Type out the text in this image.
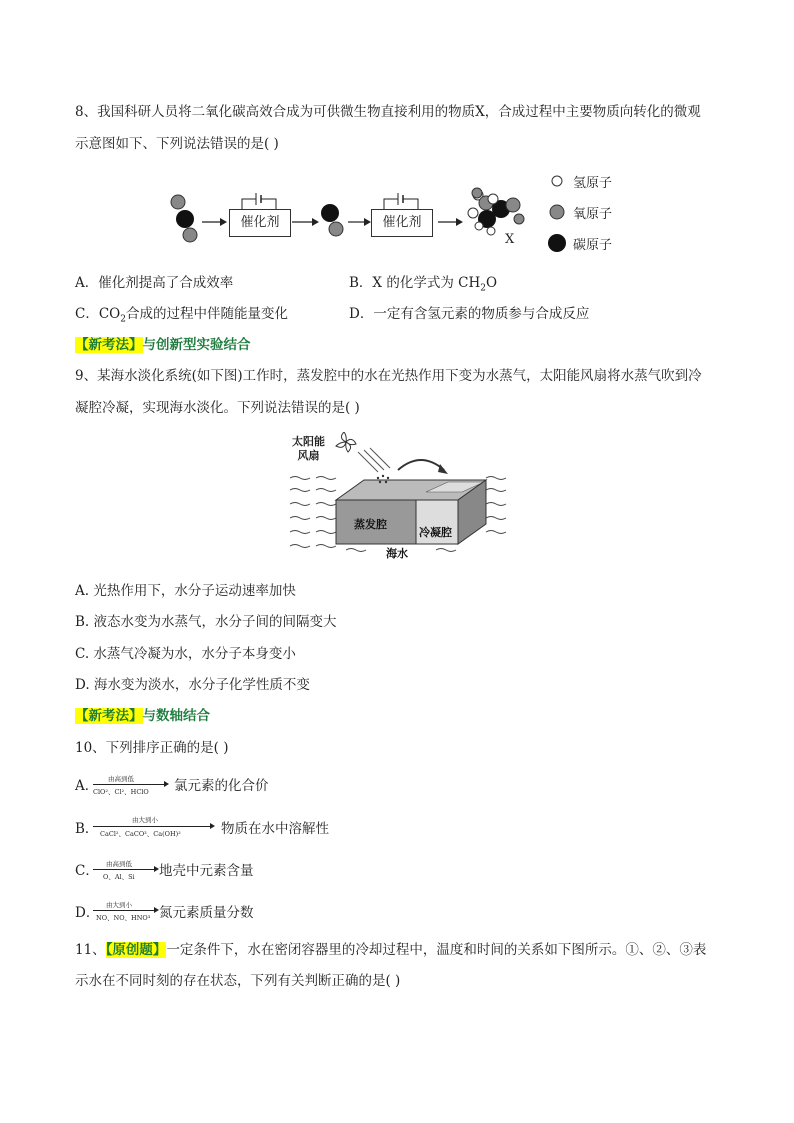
8、我国科研人员将二氧化碳高效合成为可供微生物直接利用的物质X，合成过程中主要物质向转化的微观
示意图如下、下列说法错误的是( )
催化剂	催化剂
X
氢原子
氧原子
碳原子
A．催化剂提高了合成效率	B．X 的化学式为 $CH_2O$
C．$CO_2$合成的过程中伴随能量变化	D．一定有含氢元素的物质参与合成反应
【新考法】与创新型实验结合
9、某海水淡化系统(如下图)工作时，蒸发腔中的水在光热作用下变为水蒸气，太阳能风扇将水蒸气吹到冷
凝腔冷凝，实现海水淡化。下列说法错误的是( )
太阳能
风扇
蒸发腔
冷凝腔
海水
A. 光热作用下，水分子运动速率加快
B. 液态水变为水蒸气，水分子间的间隔变大
C. 水蒸气冷凝为水，水分子本身变小
D. 海水变为淡水，水分子化学性质不变
【新考法】与数轴结合
10、下列排序正确的是( )
A． 由高到低
ClO²、Cl²、HClO 氯元素的化合价
B．
由大到小
CaCl²、CaCO³、Ca(OH)²	物质在水中溶解性
C． 由高到低
O、Al、Si 地壳中元素含量
D． 由大到小
NO、NO、HNO³ 氮元素质量分数
11、【原创题】一定条件下，水在密闭容器里的冷却过程中，温度和时间的关系如下图所示。①、②、③表
示水在不同时刻的存在状态，下列有关判断正确的是( )
